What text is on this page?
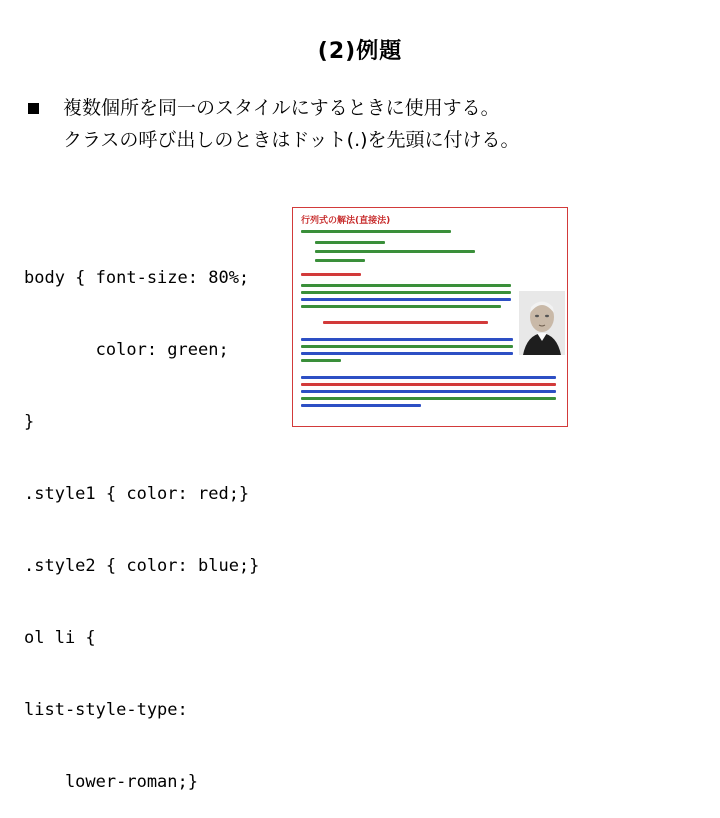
(2)例題
複数個所を同一のスタイルにするときに使用する。
クラスの呼び出しのときはドット(.)を先頭に付ける。

body { font-size: 80%;

color: green;

}

.style1 { color: red;}

.style2 { color: blue;}

ol li {

list-style-type:

lower-roman;}

行列式の解法(直接法)
